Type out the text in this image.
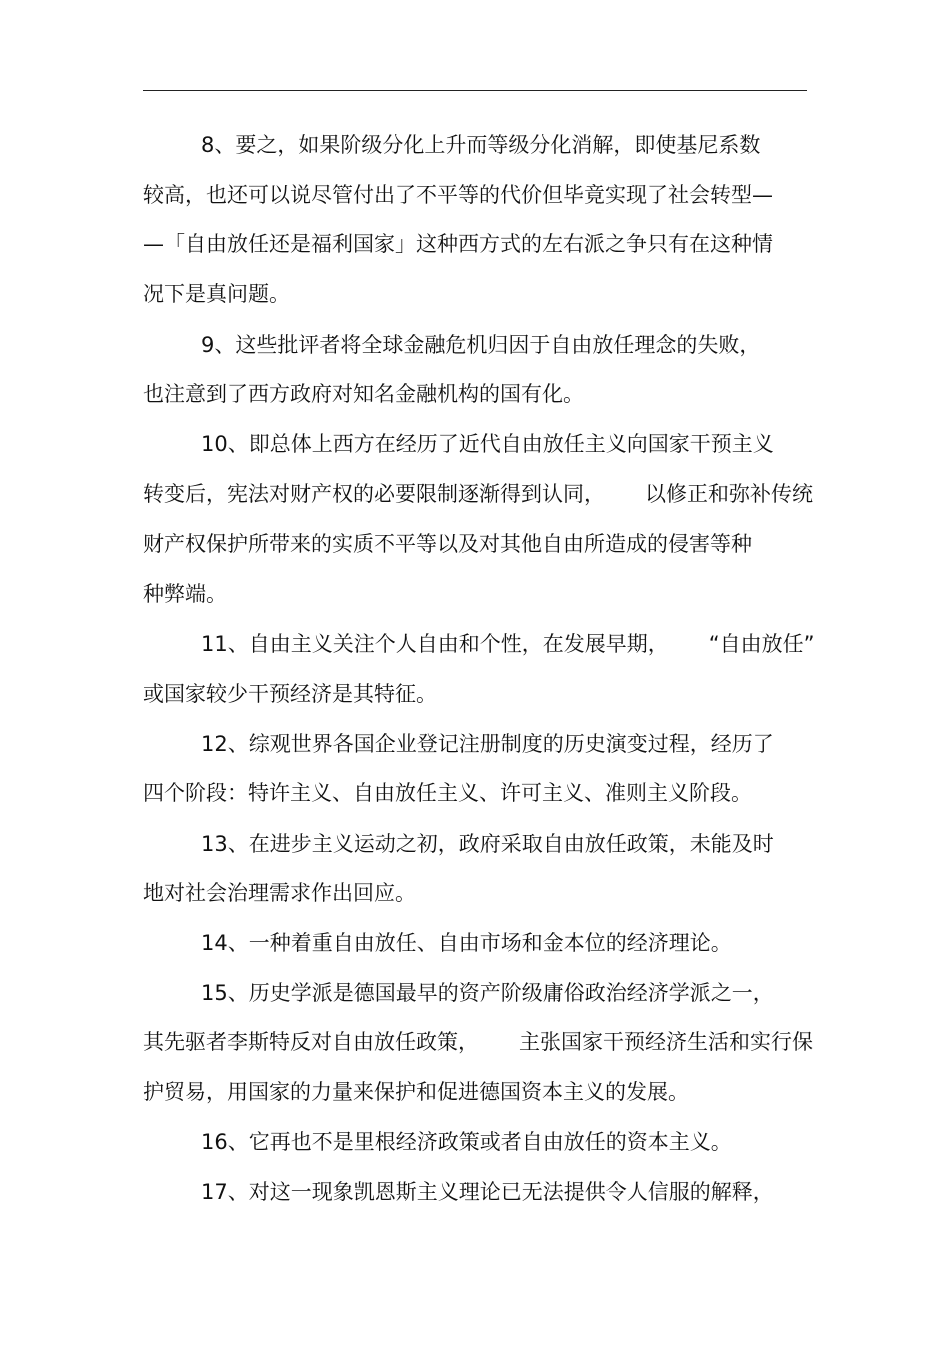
8、要之，如果阶级分化上升而等级分化消解，即使基尼系数
较高，也还可以说尽管付出了不平等的代价但毕竟实现了社会转型—
—「自由放任还是福利国家」这种西方式的左右派之争只有在这种情
况下是真问题。
9、这些批评者将全球金融危机归因于自由放任理念的失败，
也注意到了西方政府对知名金融机构的国有化。
10、即总体上西方在经历了近代自由放任主义向国家干预主义
转变后，宪法对财产权的必要限制逐渐得到认同，      以修正和弥补传统
财产权保护所带来的实质不平等以及对其他自由所造成的侵害等种
种弊端。
11、自由主义关注个人自由和个性，在发展早期，      “自由放任”
或国家较少干预经济是其特征。
12、综观世界各国企业登记注册制度的历史演变过程，经历了
四个阶段：特许主义、自由放任主义、许可主义、准则主义阶段。
13、在进步主义运动之初，政府采取自由放任政策，未能及时
地对社会治理需求作出回应。
14、一种着重自由放任、自由市场和金本位的经济理论。
15、历史学派是德国最早的资产阶级庸俗政治经济学派之一，
其先驱者李斯特反对自由放任政策，      主张国家干预经济生活和实行保
护贸易，用国家的力量来保护和促进德国资本主义的发展。
16、它再也不是里根经济政策或者自由放任的资本主义。
17、对这一现象凯恩斯主义理论已无法提供令人信服的解释，
